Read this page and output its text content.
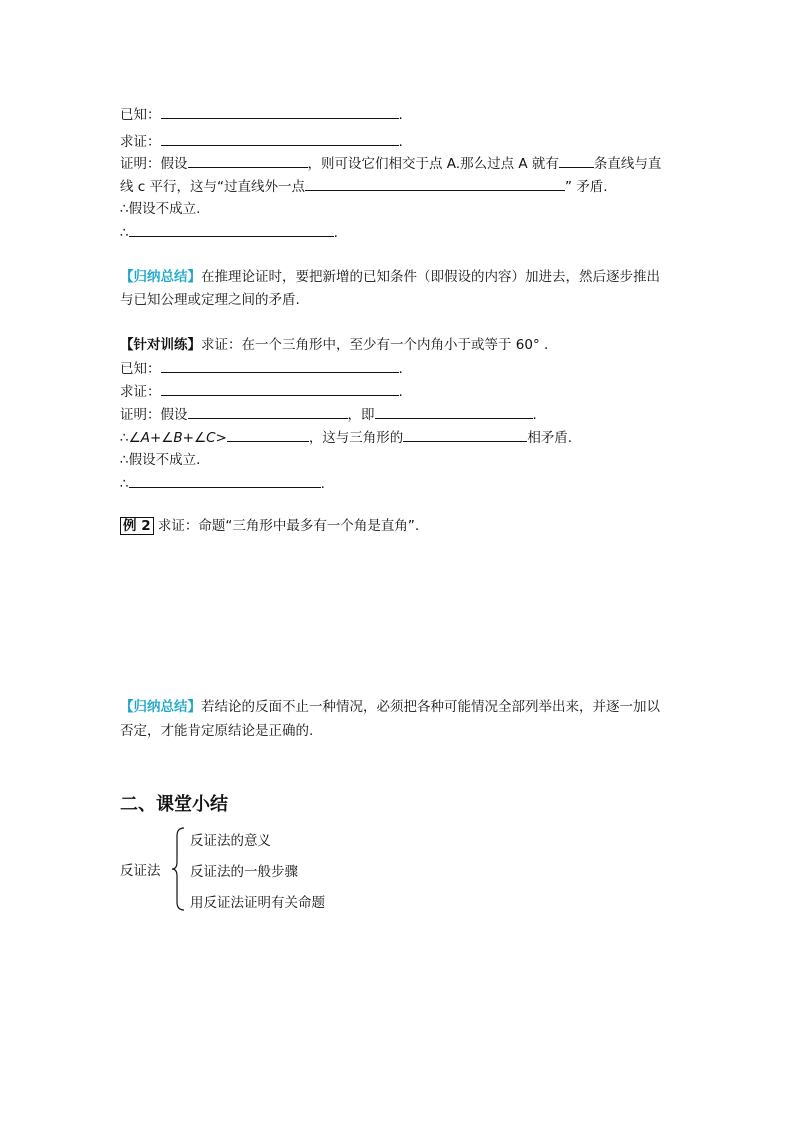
已知：	.
求证：	.
证明：假设	，则可设它们相交于点 A.那么过点 A 就有	条直线与直
线 c 平行，这与“过直线外一点	” 矛盾.
∴假设不成立.
∴	.
【归纳总结】在推理论证时，要把新增的已知条件（即假设的内容）加进去，然后逐步推出
与已知公理或定理之间的矛盾.
【针对训练】求证：在一个三角形中，至少有一个内角小于或等于 60° .
已知：	.
求证：	.
证明：假设	，即	.
∴∠A+∠B+∠C>	，这与三角形的	相矛盾.
∴假设不成立.
∴	.
例 2 求证：命题“三角形中最多有一个角是直角”.
【归纳总结】若结论的反面不止一种情况，必须把各种可能情况全部列举出来，并逐一加以
否定，才能肯定原结论是正确的.
二、课堂小结
反证法
反证法的意义
反证法的一般步骤
用反证法证明有关命题
